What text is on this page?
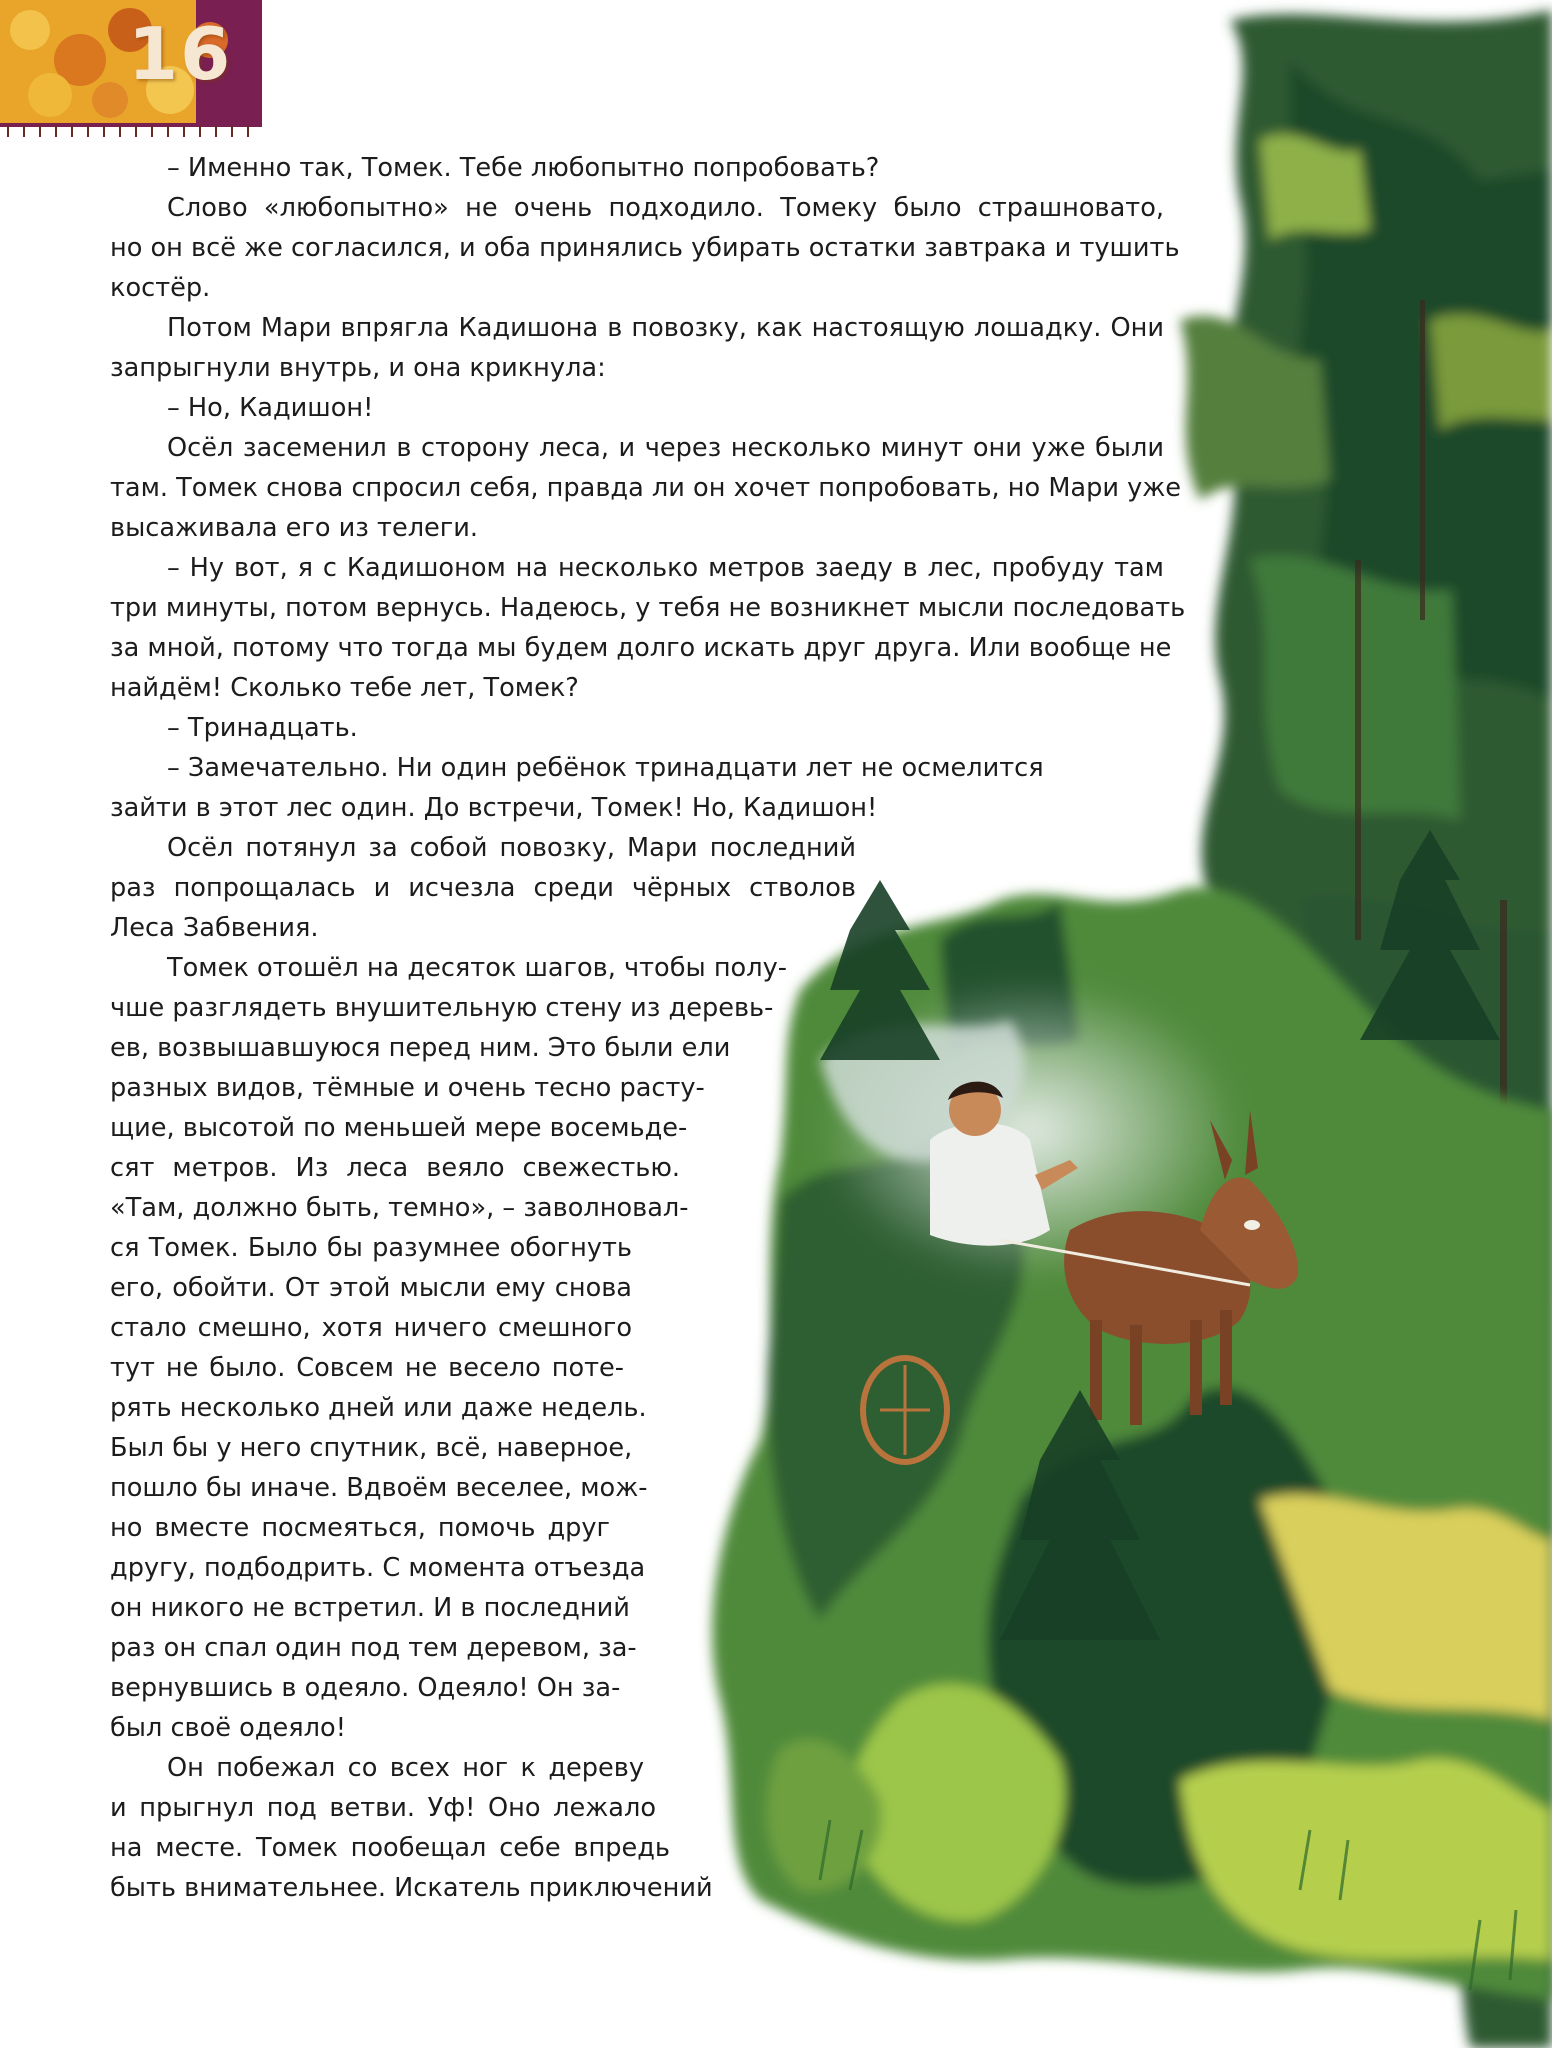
16
– Именно так, Томек. Тебе любопытно попробовать?
Слово «любопытно» не очень подходило. Томеку было страшновато,
но он всё же согласился, и оба принялись убирать остатки завтрака и тушить
костёр.
Потом Мари впрягла Кадишона в повозку, как настоящую лошадку. Они
запрыгнули внутрь, и она крикнула:
– Но, Кадишон!
Осёл засеменил в сторону леса, и через несколько минут они уже были
там. Томек снова спросил себя, правда ли он хочет попробовать, но Мари уже
высаживала его из телеги.
– Ну вот, я с Кадишоном на несколько метров заеду в лес, пробуду там
три минуты, потом вернусь. Надеюсь, у тебя не возникнет мысли последовать
за мной, потому что тогда мы будем долго искать друг друга. Или вообще не
найдём! Сколько тебе лет, Томек?
– Тринадцать.
– Замечательно. Ни один ребёнок тринадцати лет не осмелится
зайти в этот лес один. До встречи, Томек! Но, Кадишон!
Осёл потянул за собой повозку, Мари последний
раз попрощалась и исчезла среди чёрных стволов
Леса Забвения.
Томек отошёл на десяток шагов, чтобы полу-
чше разглядеть внушительную стену из деревь-
ев, возвышавшуюся перед ним. Это были ели
разных видов, тёмные и очень тесно расту-
щие, высотой по меньшей мере восемьде-
сят метров. Из леса веяло свежестью.
«Там, должно быть, темно», – заволновал-
ся Томек. Было бы разумнее обогнуть
его, обойти. От этой мысли ему снова
стало смешно, хотя ничего смешного
тут не было. Совсем не весело поте-
рять несколько дней или даже недель.
Был бы у него спутник, всё, наверное,
пошло бы иначе. Вдвоём веселее, мож-
но вместе посмеяться, помочь друг
другу, подбодрить. С момента отъезда
он никого не встретил. И в последний
раз он спал один под тем деревом, за-
вернувшись в одеяло. Одеяло! Он за-
был своё одеяло!
Он побежал со всех ног к дереву
и прыгнул под ветви. Уф! Оно лежало
на месте. Томек пообещал себе впредь
быть внимательнее. Искатель приключений
